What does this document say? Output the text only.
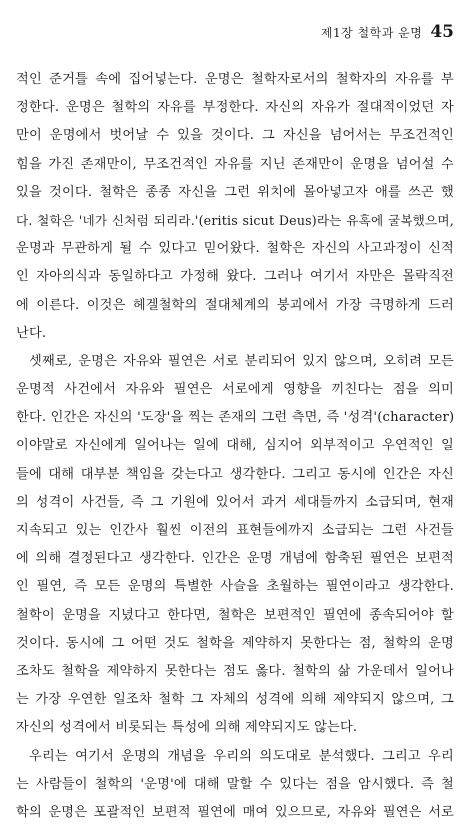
제1장 철학과 운명 45
적인 준거틀 속에 집어넣는다. 운명은 철학자로서의 철학자의 자유를 부
정한다. 운명은 철학의 자유를 부정한다. 자신의 자유가 절대적이었던 자
만이 운명에서 벗어날 수 있을 것이다. 그 자신을 넘어서는 무조건적인
힘을 가진 존재만이, 무조건적인 자유를 지닌 존재만이 운명을 넘어설 수
있을 것이다. 철학은 종종 자신을 그런 위치에 몰아넣고자 애를 쓰곤 했
다. 철학은 '네가 신처럼 되리라.'(eritis sicut Deus)라는 유혹에 굴복했으며,
운명과 무관하게 될 수 있다고 믿어왔다. 철학은 자신의 사고과정이 신적
인 자아의식과 동일하다고 가정해 왔다. 그러나 여기서 자만은 몰락직전
에 이른다. 이것은 헤겔철학의 절대체계의 붕괴에서 가장 극명하게 드러
난다.
셋째로, 운명은 자유와 필연은 서로 분리되어 있지 않으며, 오히려 모든
운명적 사건에서 자유와 필연은 서로에게 영향을 끼친다는 점을 의미
한다. 인간은 자신의 '도장'을 찍는 존재의 그런 측면, 즉 '성격'(character)
이야말로 자신에게 일어나는 일에 대해, 심지어 외부적이고 우연적인 일
들에 대해 대부분 책임을 갖는다고 생각한다. 그리고 동시에 인간은 자신
의 성격이 사건들, 즉 그 기원에 있어서 과거 세대들까지 소급되며, 현재
지속되고 있는 인간사 훨씬 이전의 표현들에까지 소급되는 그런 사건들
에 의해 결정된다고 생각한다. 인간은 운명 개념에 함축된 필연은 보편적
인 필연, 즉 모든 운명의 특별한 사슬을 초월하는 필연이라고 생각한다.
철학이 운명을 지녔다고 한다면, 철학은 보편적인 필연에 종속되어야 할
것이다. 동시에 그 어떤 것도 철학을 제약하지 못한다는 점, 철학의 운명
조차도 철학을 제약하지 못한다는 점도 옳다. 철학의 삶 가운데서 일어나
는 가장 우연한 일조차 철학 그 자체의 성격에 의해 제약되지 않으며, 그
자신의 성격에서 비롯되는 특성에 의해 제약되지도 않는다.
우리는 여기서 운명의 개념을 우리의 의도대로 분석했다. 그리고 우리
는 사람들이 철학의 '운명'에 대해 말할 수 있다는 점을 암시했다. 즉 철
학의 운명은 포괄적인 보편적 필연에 매여 있으므로, 자유와 필연은 서로
